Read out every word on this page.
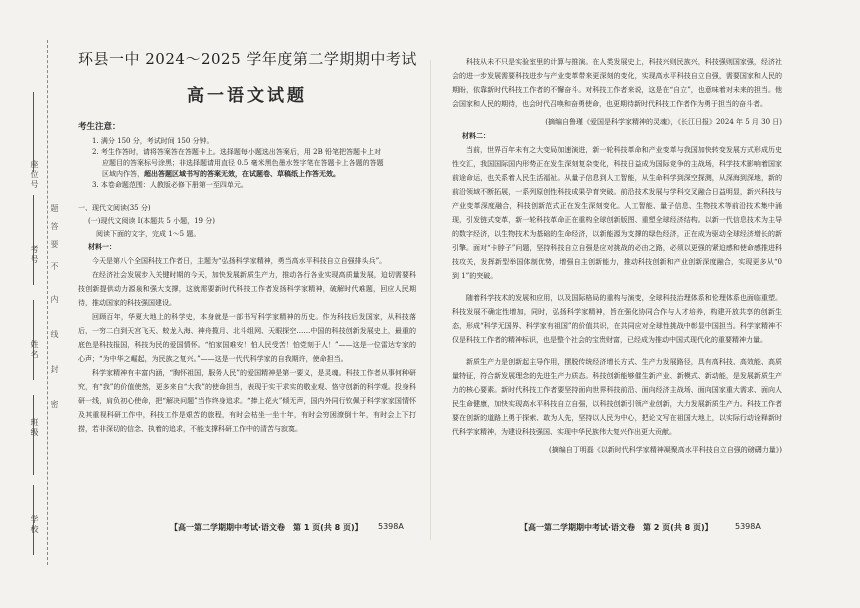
座位号
考号
姓名
班级
学校
密
封
线
内
不
要
答
题
环县一中 2024～2025 学年度第二学期期中考试
高一语文试题
考生注意：
1. 满分 150 分，考试时间 150 分钟。
2. 考生作答时，请将答案答在答题卡上。选择题每小题选出答案后，用 2B 铅笔把答题卡上对
应题目的答案标号涂黑；非选择题请用直径 0.5 毫米黑色墨水签字笔在答题卡上各题的答题
区域内作答，超出答题区域书写的答案无效，在试题卷、草稿纸上作答无效。
3. 本卷命题范围：人教版必修下册第一至四单元。
一、现代文阅读(35 分)
(一)现代文阅读 Ⅰ(本题共 5 小题，19 分)
阅读下面的文字，完成 1～5 题。
材料一：

今天是第八个全国科技工作者日，主题为“弘扬科学家精神，勇当高水平科技自立自强排头兵”。

在经济社会发展步入关键时期的今天，加快发展新质生产力，推动各行各业实现高质量发展，迫切需要科技创新提供动力源泉和强大支撑，这就需要新时代科技工作者发扬科学家精神，破解时代难题，回应人民期待，推动国家的科技强国建设。

回顾百年，华夏大地上的科学史，本身就是一部书写科学家精神的历史。作为科技后发国家，从科技落后，一穷二白到天宫飞天、蛟龙入海、神舟揽月、北斗组网、天眼探空……中国的科技创新发展史上，最重的底色是科技报国，科技为民的爱国情怀。“怕家国难安！怕人民受苦！怕党刻于人！”——这是一位雷达专家的心声；“为中华之崛起，为民族之复兴。”——这是一代代科学家的自我期许，使命担当。

科学家精神有丰富内涵，“胸怀祖国，服务人民”的爱国精神是第一要义，是灵魂。科技工作者从事何种研究，有“我”的价值使然，更多来自“大我”的使命担当，表现于实干求实的敬业观、恪守创新的科学观。投身科研一线，肩负初心使命，把“解决问题”当作终身追求。“捧上花火”倾无声，国内外同行钦佩于科学家家国情怀及其重视科研工作中，科技工作是艰苦的旅程，有时会枯坐一坐十年，有时会穷困潦倒十年，有时会上下打捞，若非深切的信念、执着的追求，不能支撑科研工作中的清苦与寂寞。

科技从未不只是实验室里的计算与推演。在人类发展史上，科技兴则民族兴，科技强则国家强，经济社会的进一步发展需要科技进步与产业变革带来更深刻的变化，实现高水平科技自立自强，需要国家和人民的期盼，依靠新时代科技工作者的不懈奋斗。对科技工作者来说，这是在“自立”，也意味着对未来的担当。他会国家和人民的期待，也会时代召唤和奋勇使命，也更期待新时代科技工作者作为勇于担当的奋斗者。

(摘编自鲁瑾《爱国是科学家精神的灵魂》，《长江日报》2024 年 5 月 30 日)
材料二：

当前，世界百年未有之大变局加速演进，新一轮科技革命和产业变革与我国加快转变发展方式形成历史性交汇，我国国际国内形势正在发生深刻复杂变化，科技日益成为国际竞争的主战场，科学技术影响着国家前途命运，也关系着人民生活福祉。从量子信息到人工智能，从生命科学到深空探测，从深海到深地，新的前沿领域不断拓展，一系列原创性科技成果孕育突破。前沿技术发展与学科交叉融合日益明显，新兴科技与产业变革深度融合，科技创新范式正在发生深刻变化。人工智能、量子信息、生物技术等前沿技术集中涌现，引发链式变革，新一轮科技革命正在重构全球创新版图、重塑全球经济结构。以新一代信息技术为主导的数字经济，以生物技术为基础的生命经济，以新能源为支撑的绿色经济，正在成为驱动全球经济增长的新引擎。面对“卡脖子”问题，坚持科技自立自强是应对挑战的必由之路，必须以更强的紧迫感和使命感推进科技攻关，发挥新型举国体制优势，增强自主创新能力，推动科技创新和产业创新深度融合，实现更多从“0 到 1”的突破。

随着科学技术的发展和应用，以及国际格局的重构与演变，全球科技治理体系和伦理体系也面临重塑。科技发展不确定性增加，同时，弘扬科学家精神，旨在强化协同合作与人才培养，构建开放共享的创新生态，形成“科学无国界、科学家有祖国”的价值共识，在共同应对全球性挑战中彰显中国担当。科学家精神不仅是科技工作者的精神标识，也是整个社会的宝贵财富，已经成为推动中国式现代化的重要精神力量。

新质生产力是创新起主导作用，摆脱传统经济增长方式、生产力发展路径，具有高科技、高效能、高质量特征，符合新发展理念的先进生产力质态。科技创新能够催生新产业、新模式、新动能，是发展新质生产力的核心要素。新时代科技工作者要坚持面向世界科技前沿、面向经济主战场、面向国家重大需求、面向人民生命健康，加快实现高水平科技自立自强，以科技创新引领产业创新，大力发展新质生产力。科技工作者要在创新的道路上勇于探索、敢为人先，坚持以人民为中心，把论文写在祖国大地上，以实际行动诠释新时代科学家精神，为建设科技强国、实现中华民族伟大复兴作出更大贡献。

(摘编自丁明磊《以新时代科学家精神凝聚高水平科技自立自强的磅礴力量》)
【高一第二学期期中考试·语文卷　第 1 页(共 8 页)】 5398A	【高一第二学期期中考试·语文卷　第 2 页(共 8 页)】	5398A
